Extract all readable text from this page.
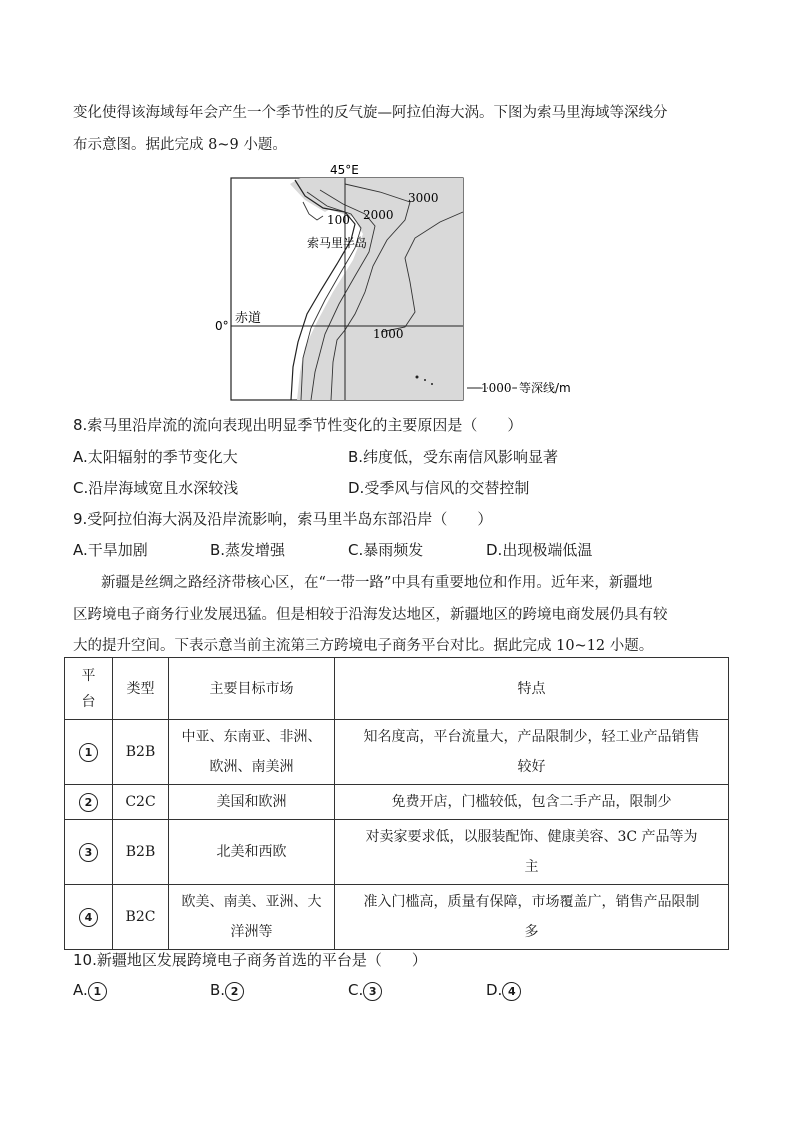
变化使得该海域每年会产生一个季节性的反气旋—阿拉伯海大涡。下图为索马里海域等深线分
布示意图。据此完成 8~9 小题。
45°E
0° 赤道
索马里半岛
3000
2000
100
1000
1000 等深线/m
8.索马里沿岸流的流向表现出明显季节性变化的主要原因是（　　）
A.太阳辐射的季节变化大	B.纬度低，受东南信风影响显著
C.沿岸海域宽且水深较浅	D.受季风与信风的交替控制
9.受阿拉伯海大涡及沿岸流影响，索马里半岛东部沿岸（　　）
A.干旱加剧	B.蒸发增强	C.暴雨频发	D.出现极端低温
新疆是丝绸之路经济带核心区，在“一带一路”中具有重要地位和作用。近年来，新疆地
区跨境电子商务行业发展迅猛。但是相较于沿海发达地区，新疆地区的跨境电商发展仍具有较
大的提升空间。下表示意当前主流第三方跨境电子商务平台对比。据此完成 10~12 小题。
平
台	类型	主要目标市场	特点
1	B2B	中亚、东南亚、非洲、
欧洲、南美洲	知名度高，平台流量大，产品限制少，轻工业产品销售
较好
2	C2C	美国和欧洲	免费开店，门槛较低，包含二手产品，限制少
3	B2B	北美和西欧	对卖家要求低，以服装配饰、健康美容、3C 产品等为
主
4	B2C	欧美、南美、亚洲、大
洋洲等	准入门槛高，质量有保障，市场覆盖广，销售产品限制
多
10.新疆地区发展跨境电子商务首选的平台是（　　）
A. 1	B. 2	C. 3	D. 4
